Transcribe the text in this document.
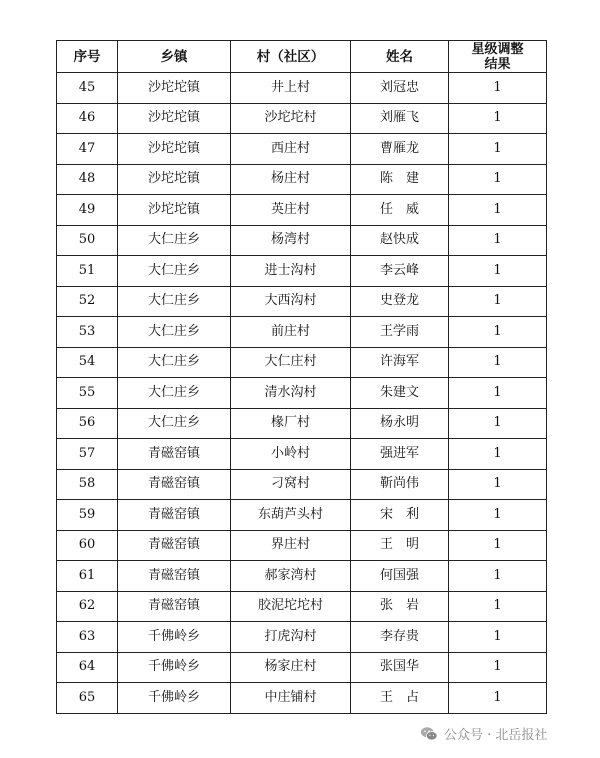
序号	乡镇	村（社区）	姓名	星级调整
结果
45	沙坨坨镇	井上村	刘冠忠	1
46	沙坨坨镇	沙坨坨村	刘雁飞	1
47	沙坨坨镇	西庄村	曹雁龙	1
48	沙坨坨镇	杨庄村	陈　建	1
49	沙坨坨镇	英庄村	任　威	1
50	大仁庄乡	杨湾村	赵快成	1
51	大仁庄乡	进士沟村	李云峰	1
52	大仁庄乡	大西沟村	史登龙	1
53	大仁庄乡	前庄村	王学雨	1
54	大仁庄乡	大仁庄村	许海军	1
55	大仁庄乡	清水沟村	朱建文	1
56	大仁庄乡	椽厂村	杨永明	1
57	青磁窑镇	小岭村	强进军	1
58	青磁窑镇	刁窝村	靳尚伟	1
59	青磁窑镇	东葫芦头村	宋　利	1
60	青磁窑镇	界庄村	王　明	1
61	青磁窑镇	郝家湾村	何国强	1
62	青磁窑镇	胶泥坨坨村	张　岩	1
63	千佛岭乡	打虎沟村	李存贵	1
64	千佛岭乡	杨家庄村	张国华	1
65	千佛岭乡	中庄铺村	王　占	1
公众号 · 北岳报社
